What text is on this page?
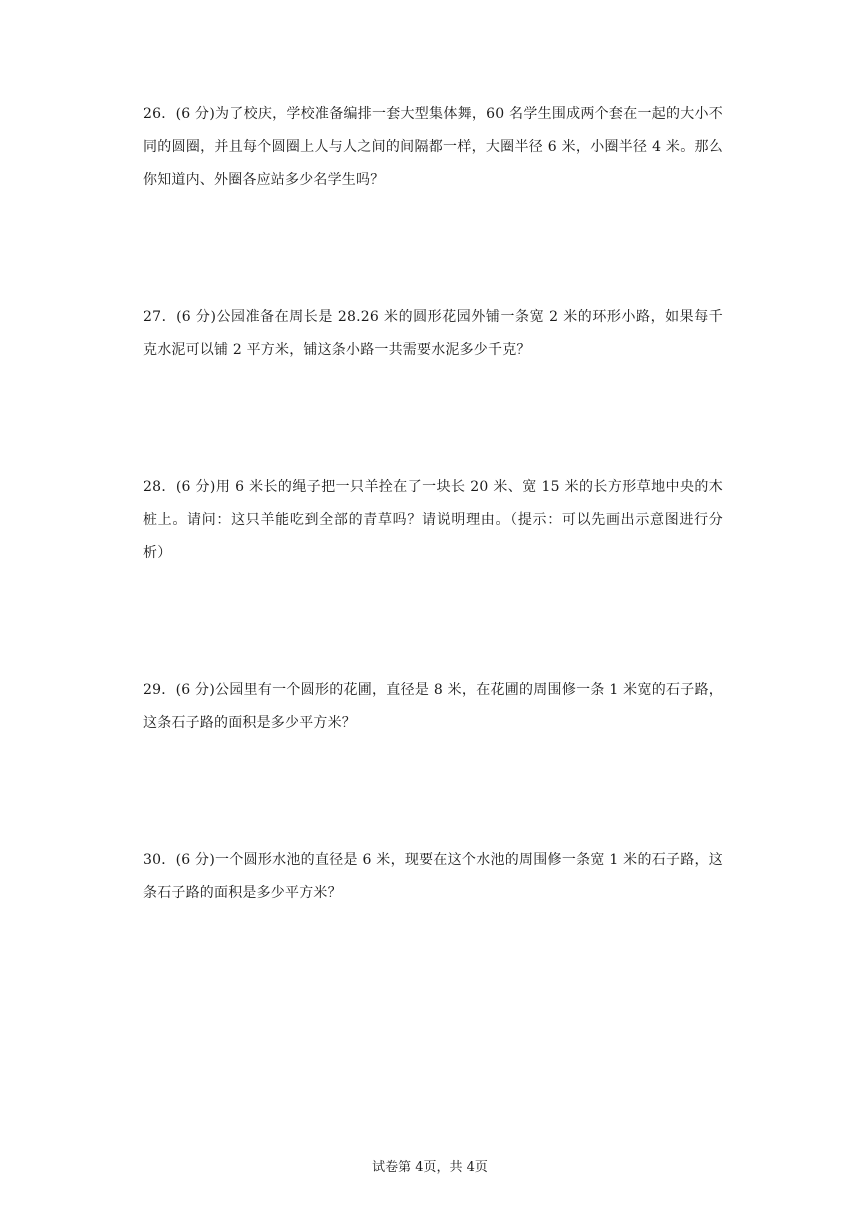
26．(6 分)为了校庆，学校准备编排一套大型集体舞，60 名学生围成两个套在一起的大小不同的圆圈，并且每个圆圈上人与人之间的间隔都一样，大圈半径 6 米，小圈半径 4 米。那么你知道内、外圈各应站多少名学生吗？
27．(6 分)公园准备在周长是 28.26 米的圆形花园外铺一条宽 2 米的环形小路，如果每千克水泥可以铺 2 平方米，铺这条小路一共需要水泥多少千克？
28．(6 分)用 6 米长的绳子把一只羊拴在了一块长 20 米、宽 15 米的长方形草地中央的木桩上。请问：这只羊能吃到全部的青草吗？请说明理由。（提示：可以先画出示意图进行分析）
29．(6 分)公园里有一个圆形的花圃，直径是 8 米，在花圃的周围修一条 1 米宽的石子路，这条石子路的面积是多少平方米？
30．(6 分)一个圆形水池的直径是 6 米，现要在这个水池的周围修一条宽 1 米的石子路，这条石子路的面积是多少平方米？
试卷第 4页，共 4页
